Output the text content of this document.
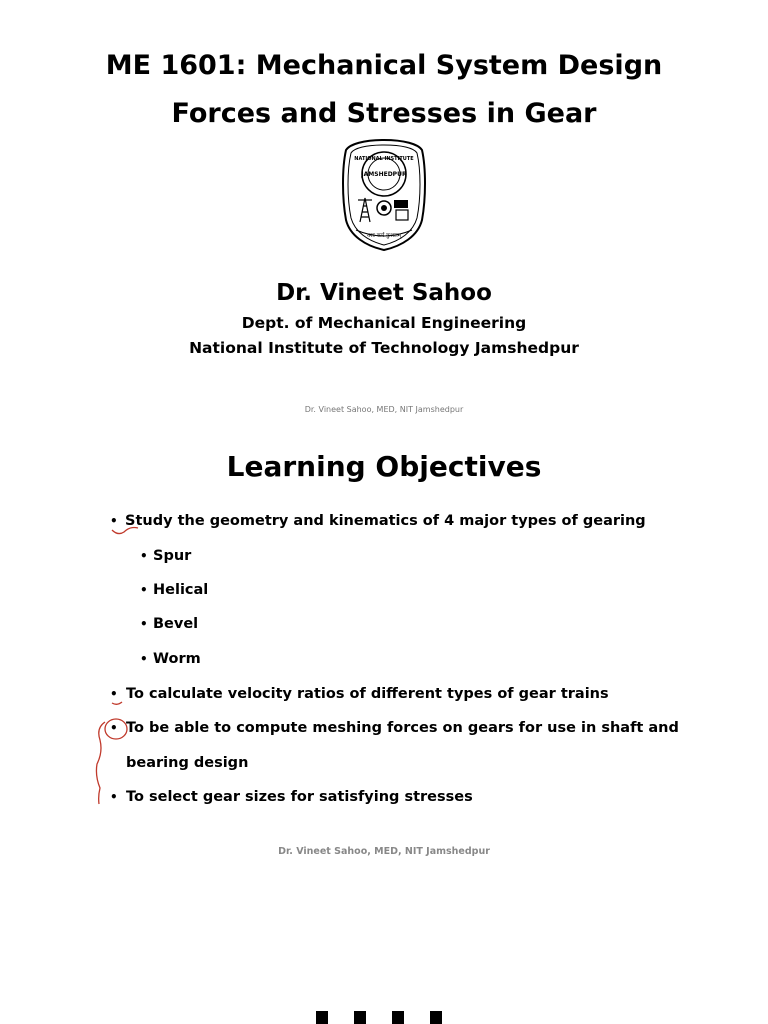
ME 1601: Mechanical System Design
Forces and Stresses in Gear
NATIONAL INSTITUTE
JAMSHEDPUR
यशः कर्म कुशलम्
Dr. Vineet Sahoo
Dept. of Mechanical Engineering
National Institute of Technology Jamshedpur
Dr. Vineet Sahoo, MED, NIT Jamshedpur
Learning Objectives
• Study the geometry and kinematics of 4 major types of gearing
• Spur
• Helical
• Bevel
• Worm
• To calculate velocity ratios of different types of gear trains
• To be able to compute meshing forces on gears for use in shaft and
bearing design
• To select gear sizes for satisfying stresses
Dr. Vineet Sahoo, MED, NIT Jamshedpur
